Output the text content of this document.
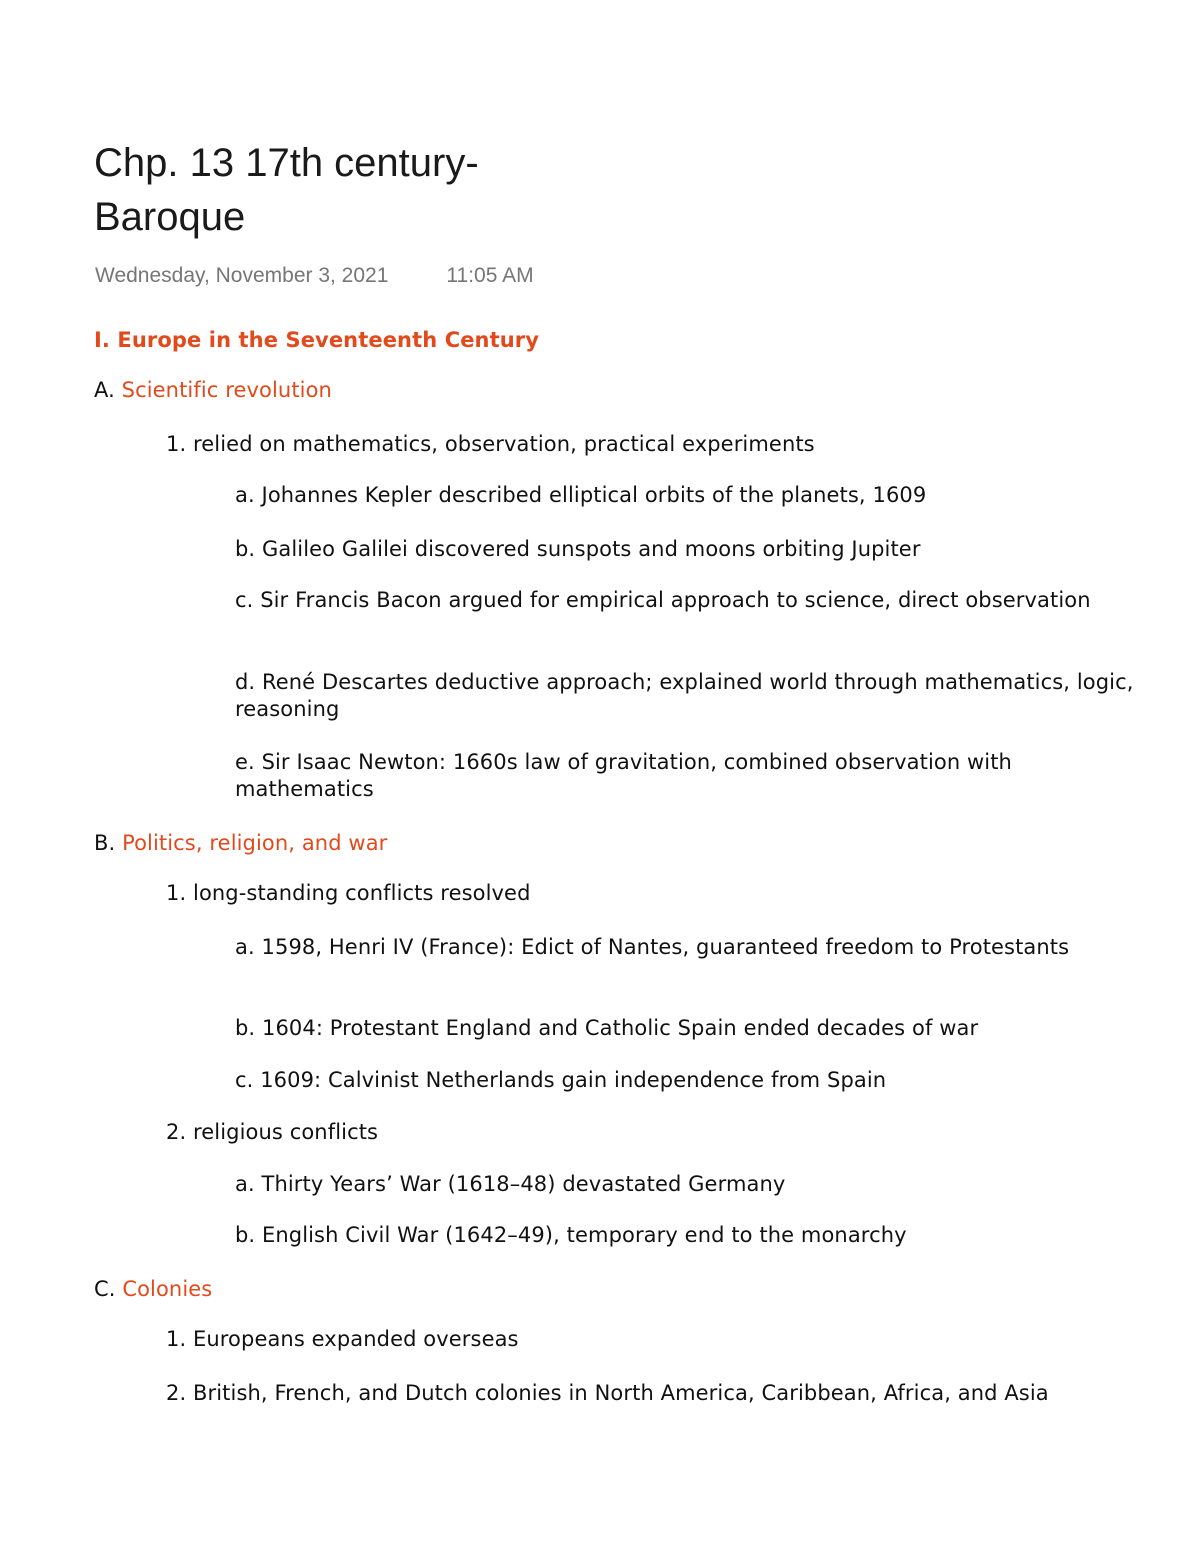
Chp. 13 17th century-
Baroque
Wednesday, November 3, 2021	11:05 AM

I. Europe in the Seventeenth Century

A. Scientific revolution

1. relied on mathematics, observation, practical experiments

a. Johannes Kepler described elliptical orbits of the planets, 1609

b. Galileo Galilei discovered sunspots and moons orbiting Jupiter

c. Sir Francis Bacon argued for empirical approach to science, direct observation

d. René Descartes deductive approach; explained world through mathematics, logic, reasoning

e. Sir Isaac Newton: 1660s law of gravitation, combined observation with mathematics

B. Politics, religion, and war

1. long-standing conflicts resolved

a. 1598, Henri IV (France): Edict of Nantes, guaranteed freedom to Protestants

b. 1604: Protestant England and Catholic Spain ended decades of war

c. 1609: Calvinist Netherlands gain independence from Spain

2. religious conflicts

a. Thirty Years’ War (1618–48) devastated Germany

b. English Civil War (1642–49), temporary end to the monarchy

C. Colonies

1. Europeans expanded overseas

2. British, French, and Dutch colonies in North America, Caribbean, Africa, and Asia
